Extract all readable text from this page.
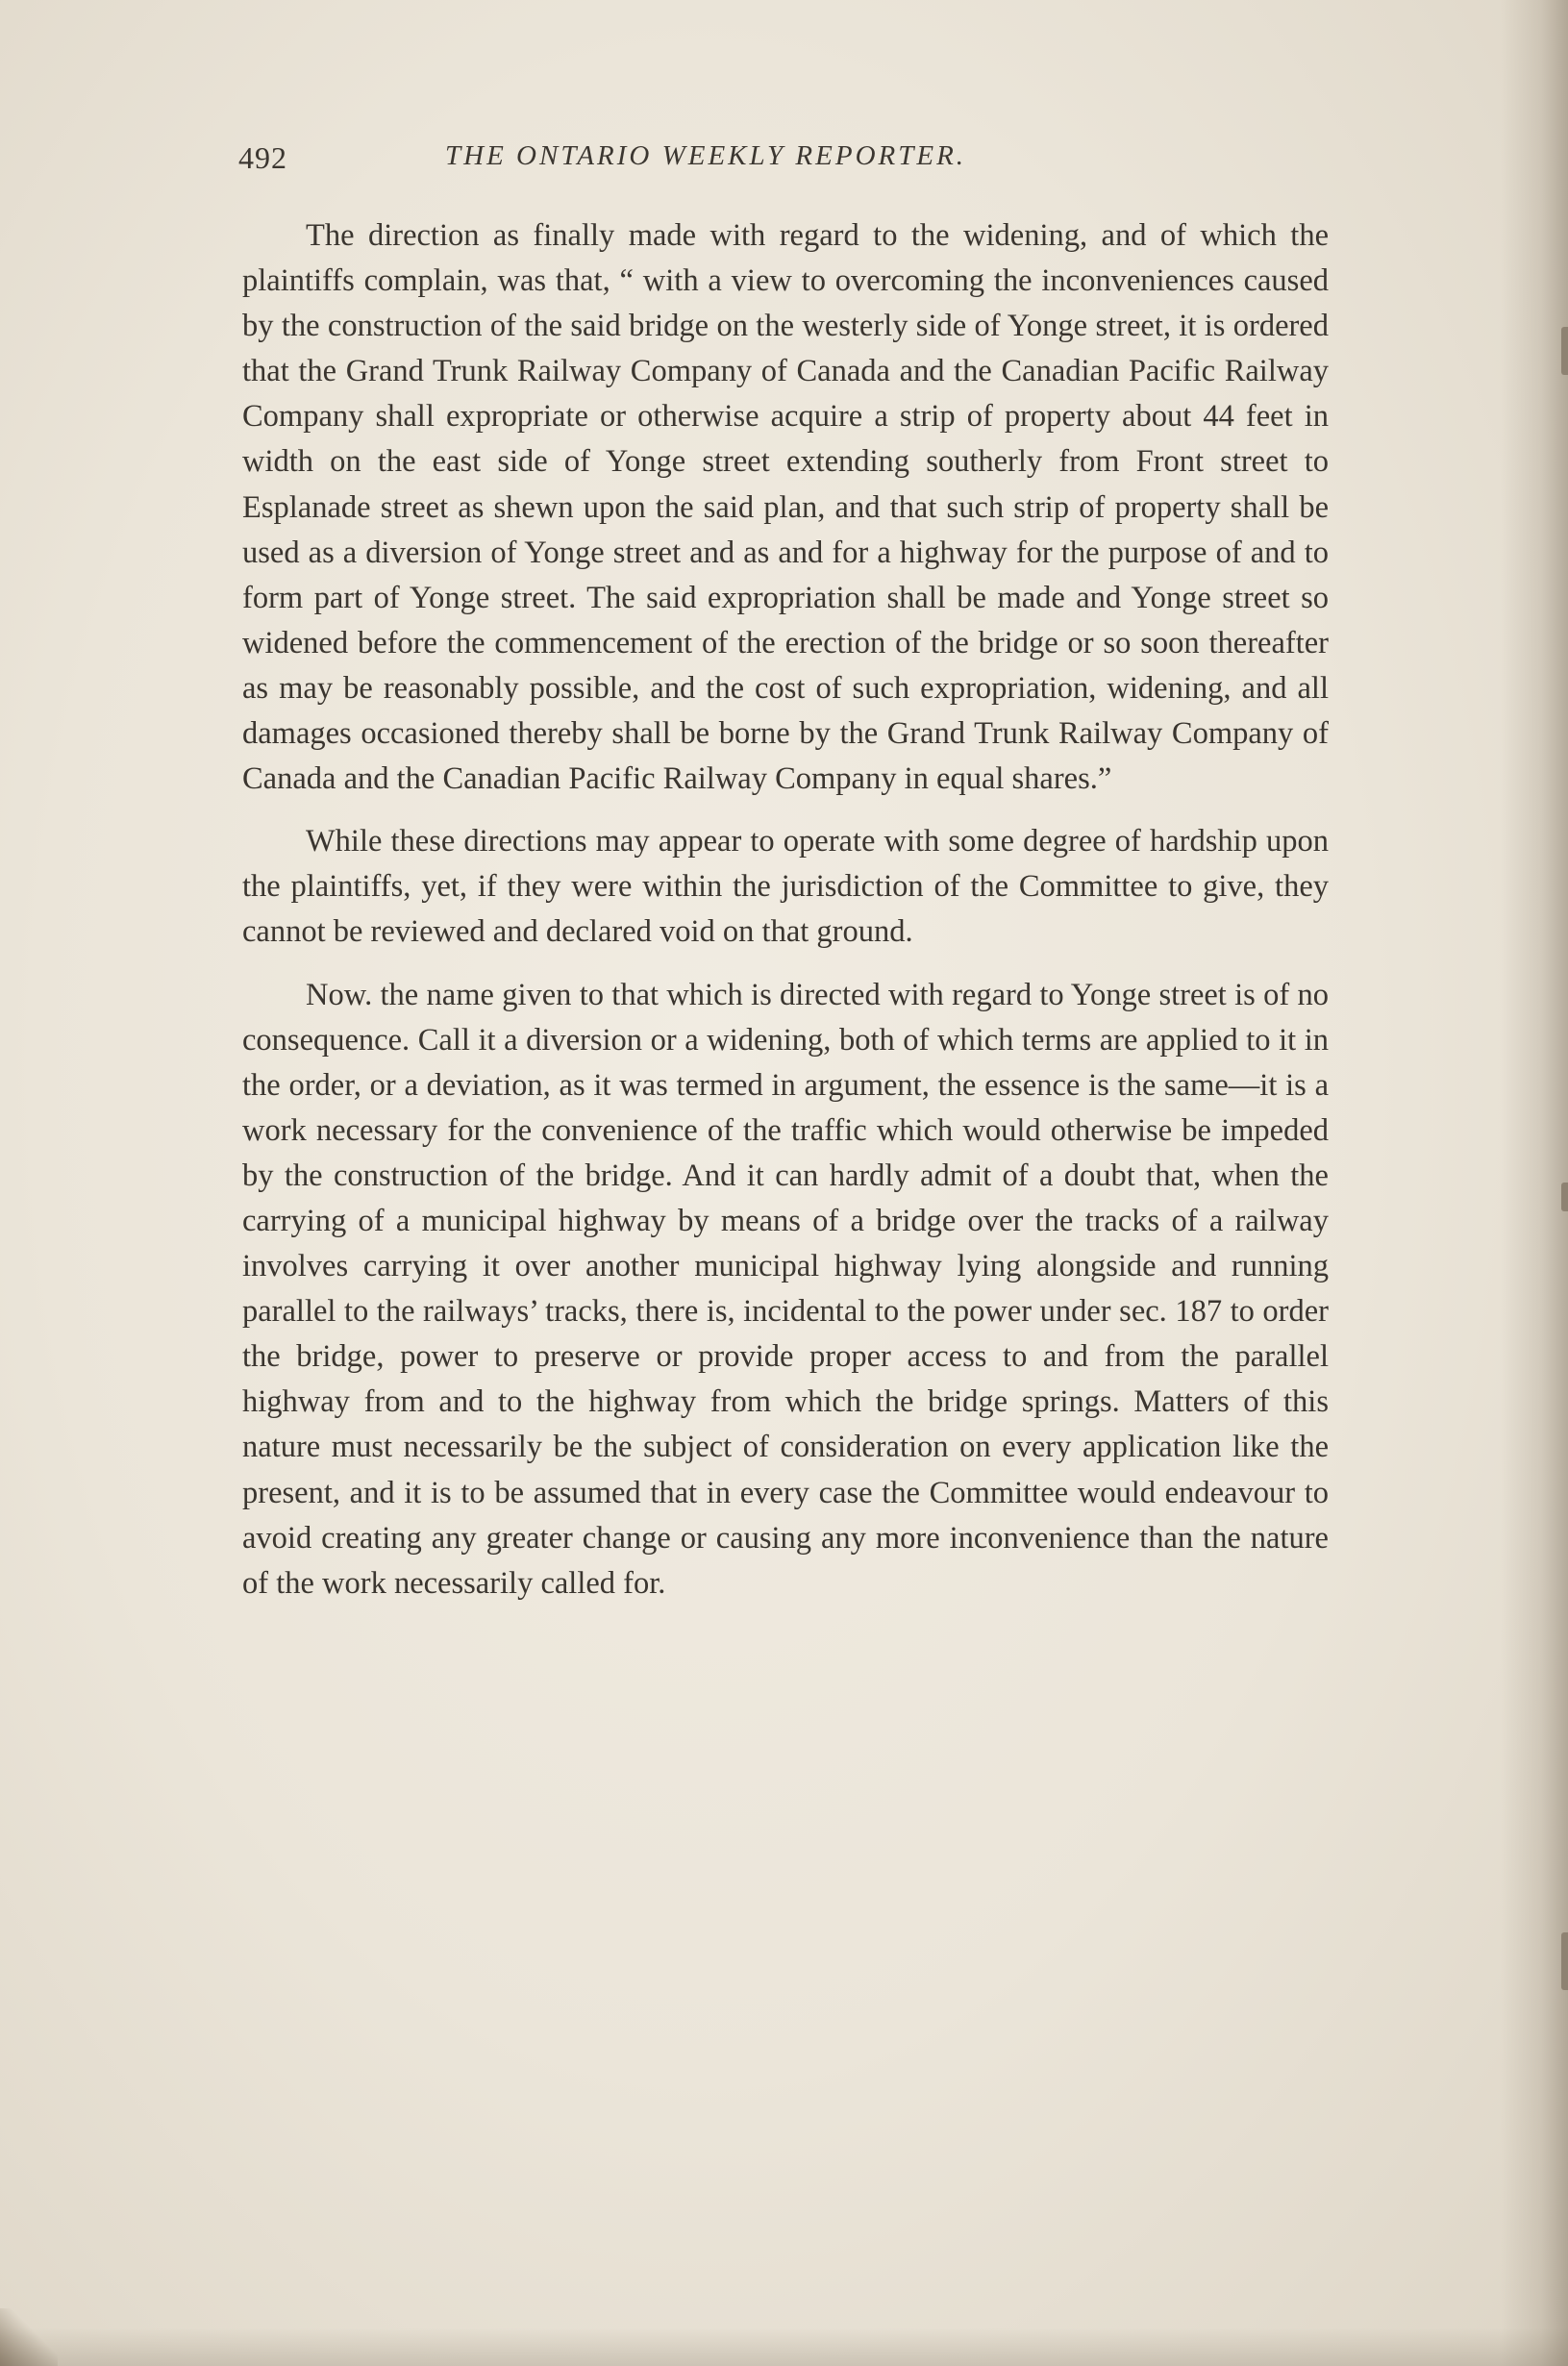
492	THE ONTARIO WEEKLY REPORTER.

The direction as finally made with regard to the widening, and of which the plaintiffs complain, was that, “ with a view to overcoming the inconveniences caused by the construction of the said bridge on the westerly side of Yonge street, it is ordered that the Grand Trunk Railway Company of Canada and the Canadian Pacific Railway Company shall expropriate or otherwise acquire a strip of property about 44 feet in width on the east side of Yonge street extending southerly from Front street to Esplanade street as shewn upon the said plan, and that such strip of property shall be used as a diversion of Yonge street and as and for a highway for the purpose of and to form part of Yonge street. The said expropriation shall be made and Yonge street so widened before the commencement of the erection of the bridge or so soon thereafter as may be reasonably possible, and the cost of such expropriation, widening, and all damages occasioned thereby shall be borne by the Grand Trunk Railway Company of Canada and the Canadian Pacific Railway Company in equal shares.”

While these directions may appear to operate with some degree of hardship upon the plaintiffs, yet, if they were within the jurisdiction of the Committee to give, they cannot be reviewed and declared void on that ground.

Now. the name given to that which is directed with regard to Yonge street is of no consequence. Call it a diversion or a widening, both of which terms are applied to it in the order, or a deviation, as it was termed in argument, the essence is the same—it is a work necessary for the convenience of the traffic which would otherwise be impeded by the construction of the bridge. And it can hardly admit of a doubt that, when the carrying of a municipal highway by means of a bridge over the tracks of a railway involves carrying it over another municipal highway lying alongside and running parallel to the railways’ tracks, there is, incidental to the power under sec. 187 to order the bridge, power to preserve or provide proper access to and from the parallel highway from and to the highway from which the bridge springs. Matters of this nature must necessarily be the subject of consideration on every application like the present, and it is to be assumed that in every case the Committee would endeavour to avoid creating any greater change or causing any more inconvenience than the nature of the work necessarily called for.
